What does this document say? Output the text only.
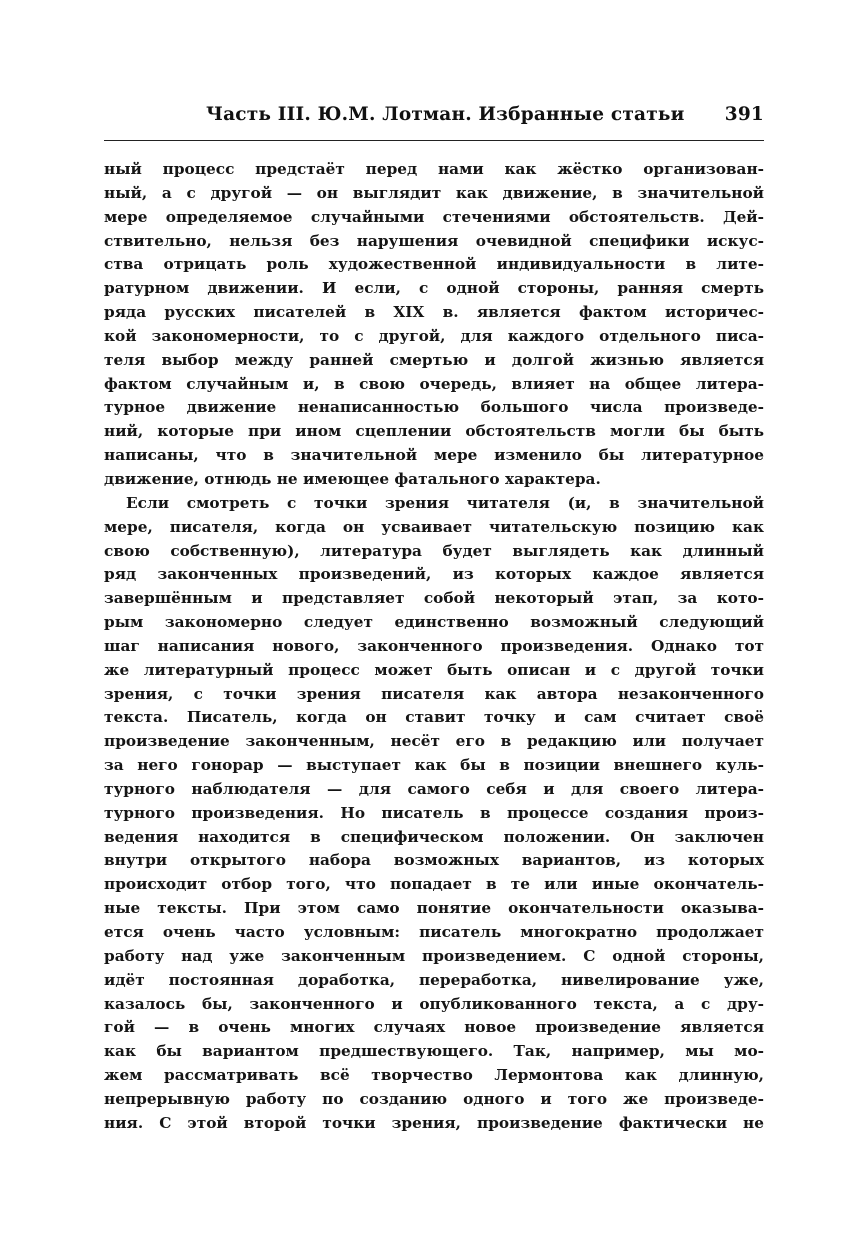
Часть III. Ю.М. Лотман. Избранные статьи 391
ный процесс предстаёт перед нами как жёстко организован-
ный, а с другой — он выглядит как движение, в значительной
мере определяемое случайными стечениями обстоятельств. Дей-
ствительно, нельзя без нарушения очевидной специфики искус-
ства отрицать роль художественной индивидуальности в лите-
ратурном движении. И если, с одной стороны, ранняя смерть
ряда русских писателей в XIX в. является фактом историчес-
кой закономерности, то с другой, для каждого отдельного писа-
теля выбор между ранней смертью и долгой жизнью является
фактом случайным и, в свою очередь, влияет на общее литера-
турное движение ненаписанностью большого числа произведе-
ний, которые при ином сцеплении обстоятельств могли бы быть
написаны, что в значительной мере изменило бы литературное
движение, отнюдь не имеющее фатального характера.
Если смотреть с точки зрения читателя (и, в значительной
мере, писателя, когда он усваивает читательскую позицию как
свою собственную), литература будет выглядеть как длинный
ряд законченных произведений, из которых каждое является
завершённым и представляет собой некоторый этап, за кото-
рым закономерно следует единственно возможный следующий
шаг написания нового, законченного произведения. Однако тот
же литературный процесс может быть описан и с другой точки
зрения, с точки зрения писателя как автора незаконченного
текста. Писатель, когда он ставит точку и сам считает своё
произведение законченным, несёт его в редакцию или получает
за него гонорар — выступает как бы в позиции внешнего куль-
турного наблюдателя — для самого себя и для своего литера-
турного произведения. Но писатель в процессе создания произ-
ведения находится в специфическом положении. Он заключен
внутри открытого набора возможных вариантов, из которых
происходит отбор того, что попадает в те или иные окончатель-
ные тексты. При этом само понятие окончательности оказыва-
ется очень часто условным: писатель многократно продолжает
работу над уже законченным произведением. С одной стороны,
идёт постоянная доработка, переработка, нивелирование уже,
казалось бы, законченного и опубликованного текста, а с дру-
гой — в очень многих случаях новое произведение является
как бы вариантом предшествующего. Так, например, мы мо-
жем рассматривать всё творчество Лермонтова как длинную,
непрерывную работу по созданию одного и того же произведе-
ния. С этой второй точки зрения, произведение фактически не
